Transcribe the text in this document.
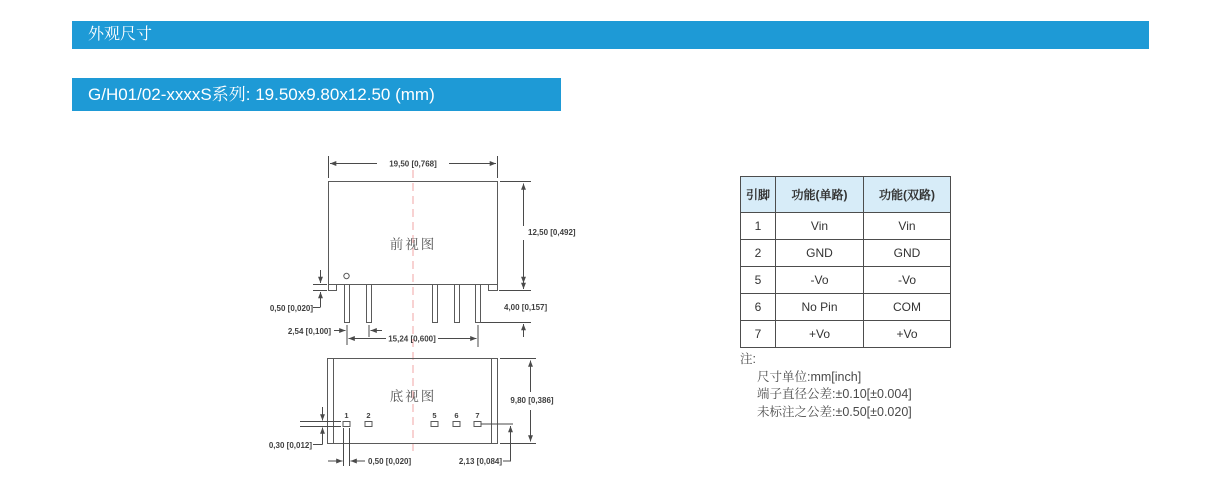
外观尺寸
G/H01/02-xxxxS系列: 19.50x9.80x12.50 (mm)
前视图
19,50 [0,768]
12,50 [0,492]
4,00 [0,157]
0,50 [0,020]
2,54 [0,100]
15,24 [0,600]
1 2	5 6 7
底视图	9,80 [0,386]
0,30 [0,012]
0,50 [0,020]	2,13 [0,084]
引脚	功能(单路)	功能(双路)
1	Vin	Vin
2	GND	GND
5	-Vo	-Vo
6	No Pin	COM
7	+Vo	+Vo
注:
尺寸单位:mm[inch]
端子直径公差:±0.10[±0.004]
未标注之公差:±0.50[±0.020]
